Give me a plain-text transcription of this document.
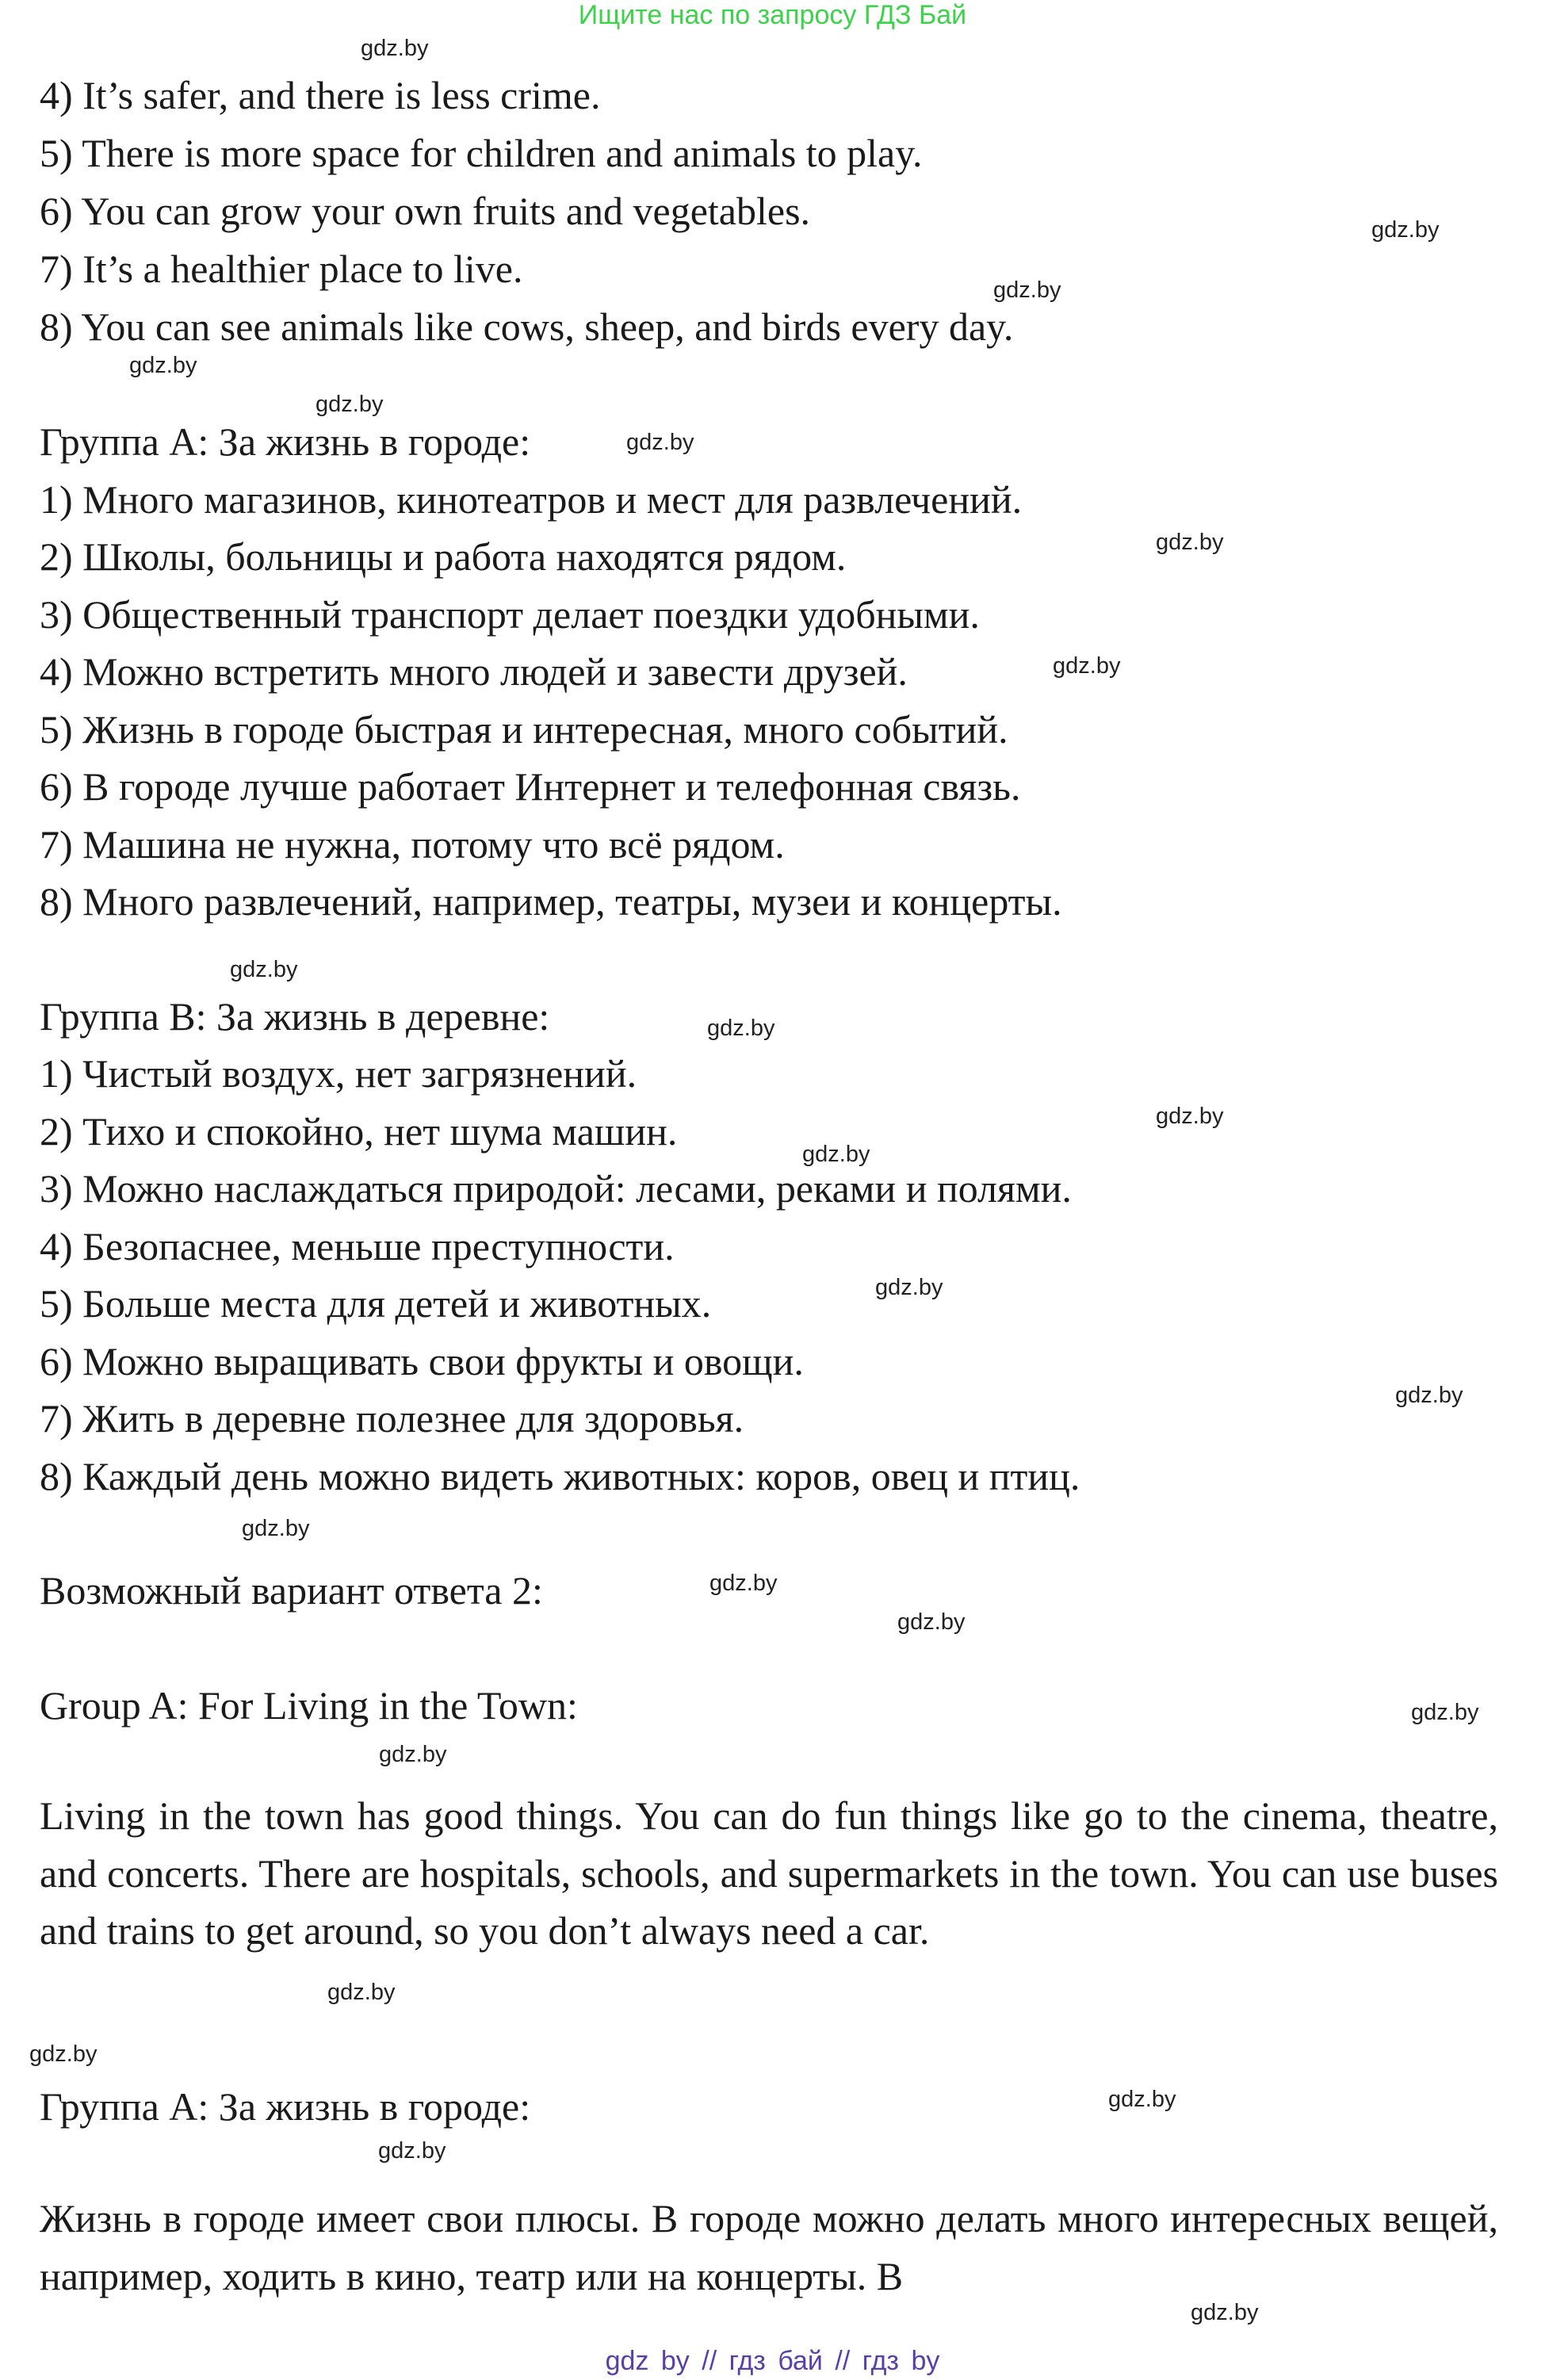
Ищите нас по запросу ГДЗ Бай
4) It’s safer, and there is less crime.
5) There is more space for children and animals to play.
6) You can grow your own fruits and vegetables.
7) It’s a healthier place to live.
8) You can see animals like cows, sheep, and birds every day.
Группа А: За жизнь в городе:
1) Много магазинов, кинотеатров и мест для развлечений.
2) Школы, больницы и работа находятся рядом.
3) Общественный транспорт делает поездки удобными.
4) Можно встретить много людей и завести друзей.
5) Жизнь в городе быстрая и интересная, много событий.
6) В городе лучше работает Интернет и телефонная связь.
7) Машина не нужна, потому что всё рядом.
8) Много развлечений, например, театры, музеи и концерты.
Группа В: За жизнь в деревне:
1) Чистый воздух, нет загрязнений.
2) Тихо и спокойно, нет шума машин.
3) Можно наслаждаться природой: лесами, реками и полями.
4) Безопаснее, меньше преступности.
5) Больше места для детей и животных.
6) Можно выращивать свои фрукты и овощи.
7) Жить в деревне полезнее для здоровья.
8) Каждый день можно видеть животных: коров, овец и птиц.
Возможный вариант ответа 2:
Group A: For Living in the Town:
Living in the town has good things. You can do fun things like go to the cinema, theatre, and concerts. There are hospitals, schools, and supermarkets in the town. You can use buses and trains to get around, so you don’t always need a car.
Группа А: За жизнь в городе:
Жизнь в городе имеет свои плюсы. В городе можно делать много интересных вещей, например, ходить в кино, театр или на концерты. В
gdz.by
gdz.by
gdz.by
gdz.by
gdz.by
gdz.by
gdz.by
gdz.by
gdz.by
gdz.by
gdz.by
gdz.by
gdz.by
gdz.by
gdz.by
gdz.by
gdz.by
gdz.by
gdz.by
gdz.by
gdz.by
gdz.by
gdz.by
gdz.by
gdz by // гдз бай // гдз by
